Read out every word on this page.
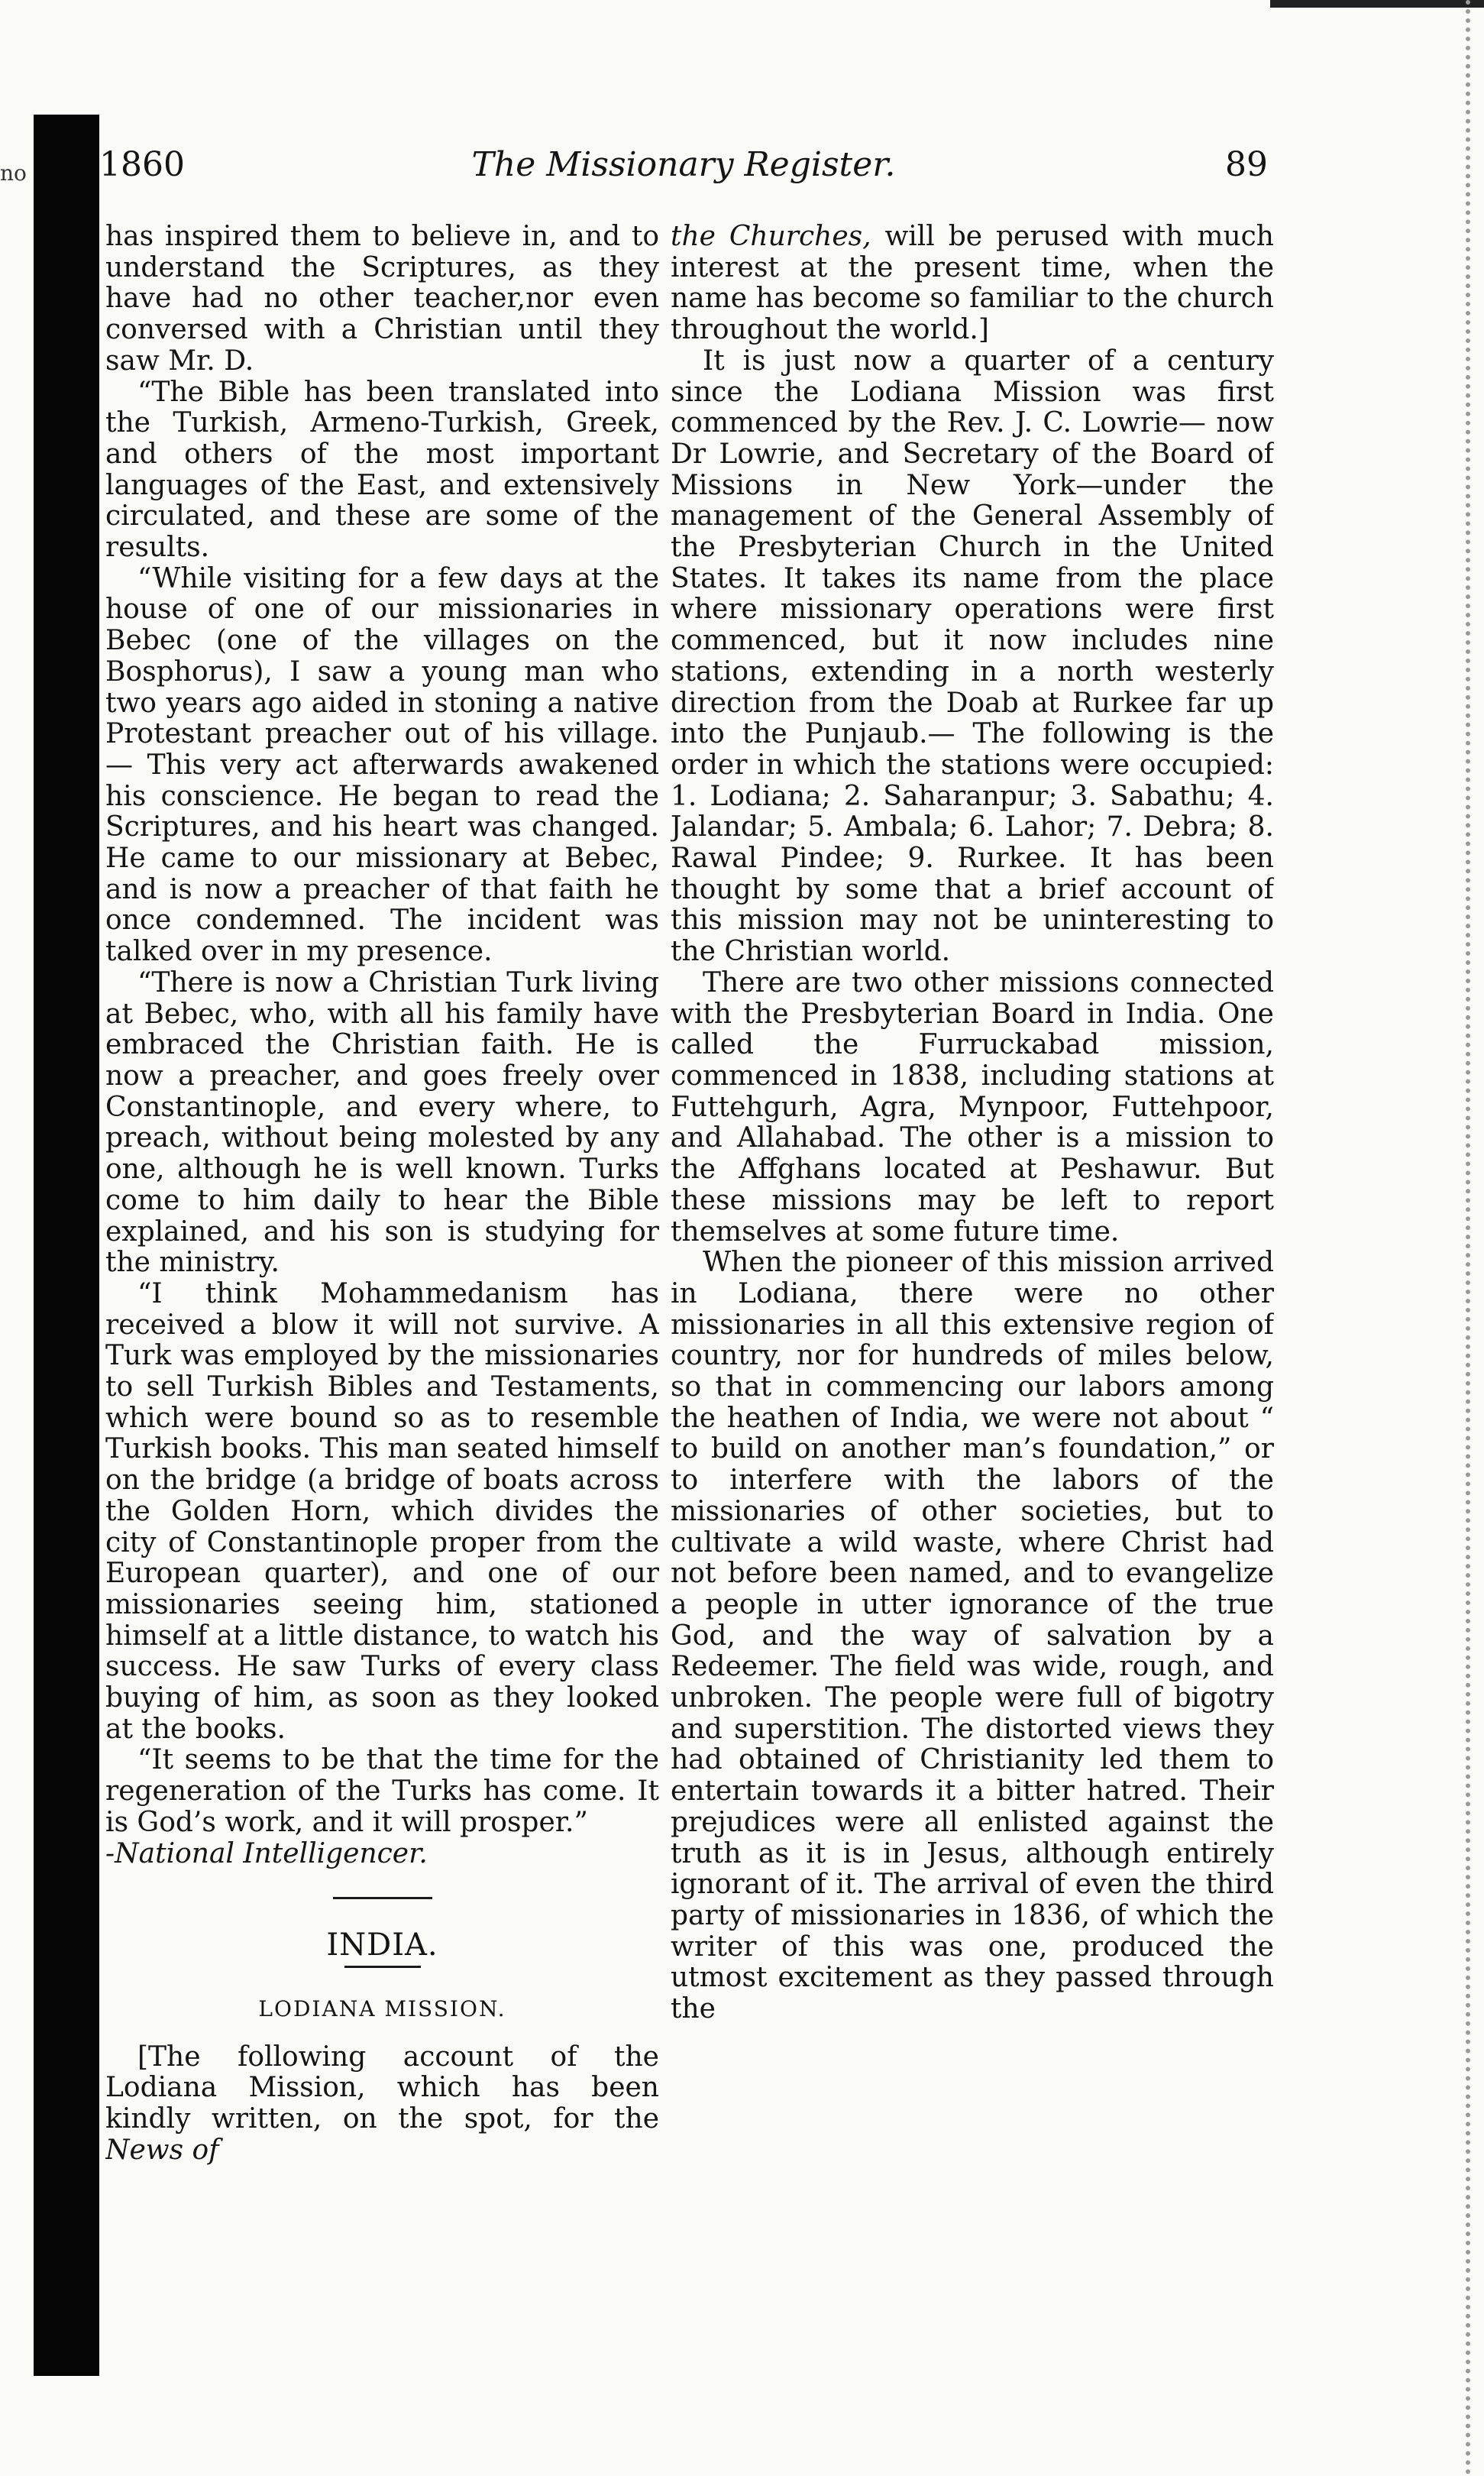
no 1860	The Missionary Register.	89

has inspired them to believe in, and to understand the Scriptures, as they have had no other teacher,nor even conversed with a Christian until they saw Mr. D.

“The Bible has been translated into the Turkish, Armeno-Turkish, Greek, and others of the most important languages of the East, and extensively circulated, and these are some of the results.

“While visiting for a few days at the house of one of our missionaries in Bebec (one of the villages on the Bosphorus), I saw a young man who two years ago aided in stoning a native Protestant preacher out of his village.— This very act afterwards awakened his conscience. He began to read the Scriptures, and his heart was changed. He came to our missionary at Bebec, and is now a preacher of that faith he once condemned. The incident was talked over in my presence.

“There is now a Christian Turk living at Bebec, who, with all his family have embraced the Christian faith. He is now a preacher, and goes freely over Constantinople, and every where, to preach, without being molested by any one, although he is well known. Turks come to him daily to hear the Bible explained, and his son is studying for the ministry.

“I think Mohammedanism has received a blow it will not survive. A Turk was employed by the missionaries to sell Turkish Bibles and Testaments, which were bound so as to resemble Turkish books. This man seated himself on the bridge (a bridge of boats across the Golden Horn, which divides the city of Constantinople proper from the European quarter), and one of our missionaries seeing him, stationed himself at a little distance, to watch his success. He saw Turks of every class buying of him, as soon as they looked at the books.

“It seems to be that the time for the regeneration of the Turks has come. It is God’s work, and it will prosper.”

-National Intelligencer.

INDIA.
LODIANA MISSION.

[The following account of the Lodiana Mission, which has been kindly written, on the spot, for the News of

the Churches, will be perused with much interest at the present time, when the name has become so familiar to the church throughout the world.]

It is just now a quarter of a century since the Lodiana Mission was first commenced by the Rev. J. C. Lowrie— now Dr Lowrie, and Secretary of the Board of Missions in New York—under the management of the General Assembly of the Presbyterian Church in the United States. It takes its name from the place where missionary operations were first commenced, but it now includes nine stations, extending in a north westerly direction from the Doab at Rurkee far up into the Punjaub.— The following is the order in which the stations were occupied: 1. Lodiana; 2. Saharanpur; 3. Sabathu; 4. Jalandar; 5. Ambala; 6. Lahor; 7. Debra; 8. Rawal Pindee; 9. Rurkee. It has been thought by some that a brief account of this mission may not be uninteresting to the Christian world.

There are two other missions connected with the Presbyterian Board in India. One called the Furruckabad mission, commenced in 1838, including stations at Futtehgurh, Agra, Mynpoor, Futtehpoor, and Allahabad. The other is a mission to the Affghans located at Peshawur. But these missions may be left to report themselves at some future time.

When the pioneer of this mission arrived in Lodiana, there were no other missionaries in all this extensive region of country, nor for hundreds of miles below, so that in commencing our labors among the heathen of India, we were not about “ to build on another man’s foundation,” or to interfere with the labors of the missionaries of other societies, but to cultivate a wild waste, where Christ had not before been named, and to evangelize a people in utter ignorance of the true God, and the way of salvation by a Redeemer. The field was wide, rough, and unbroken. The people were full of bigotry and superstition. The distorted views they had obtained of Christianity led them to entertain towards it a bitter hatred. Their prejudices were all enlisted against the truth as it is in Jesus, although entirely ignorant of it. The arrival of even the third party of missionaries in 1836, of which the writer of this was one, produced the utmost excitement as they passed through the
